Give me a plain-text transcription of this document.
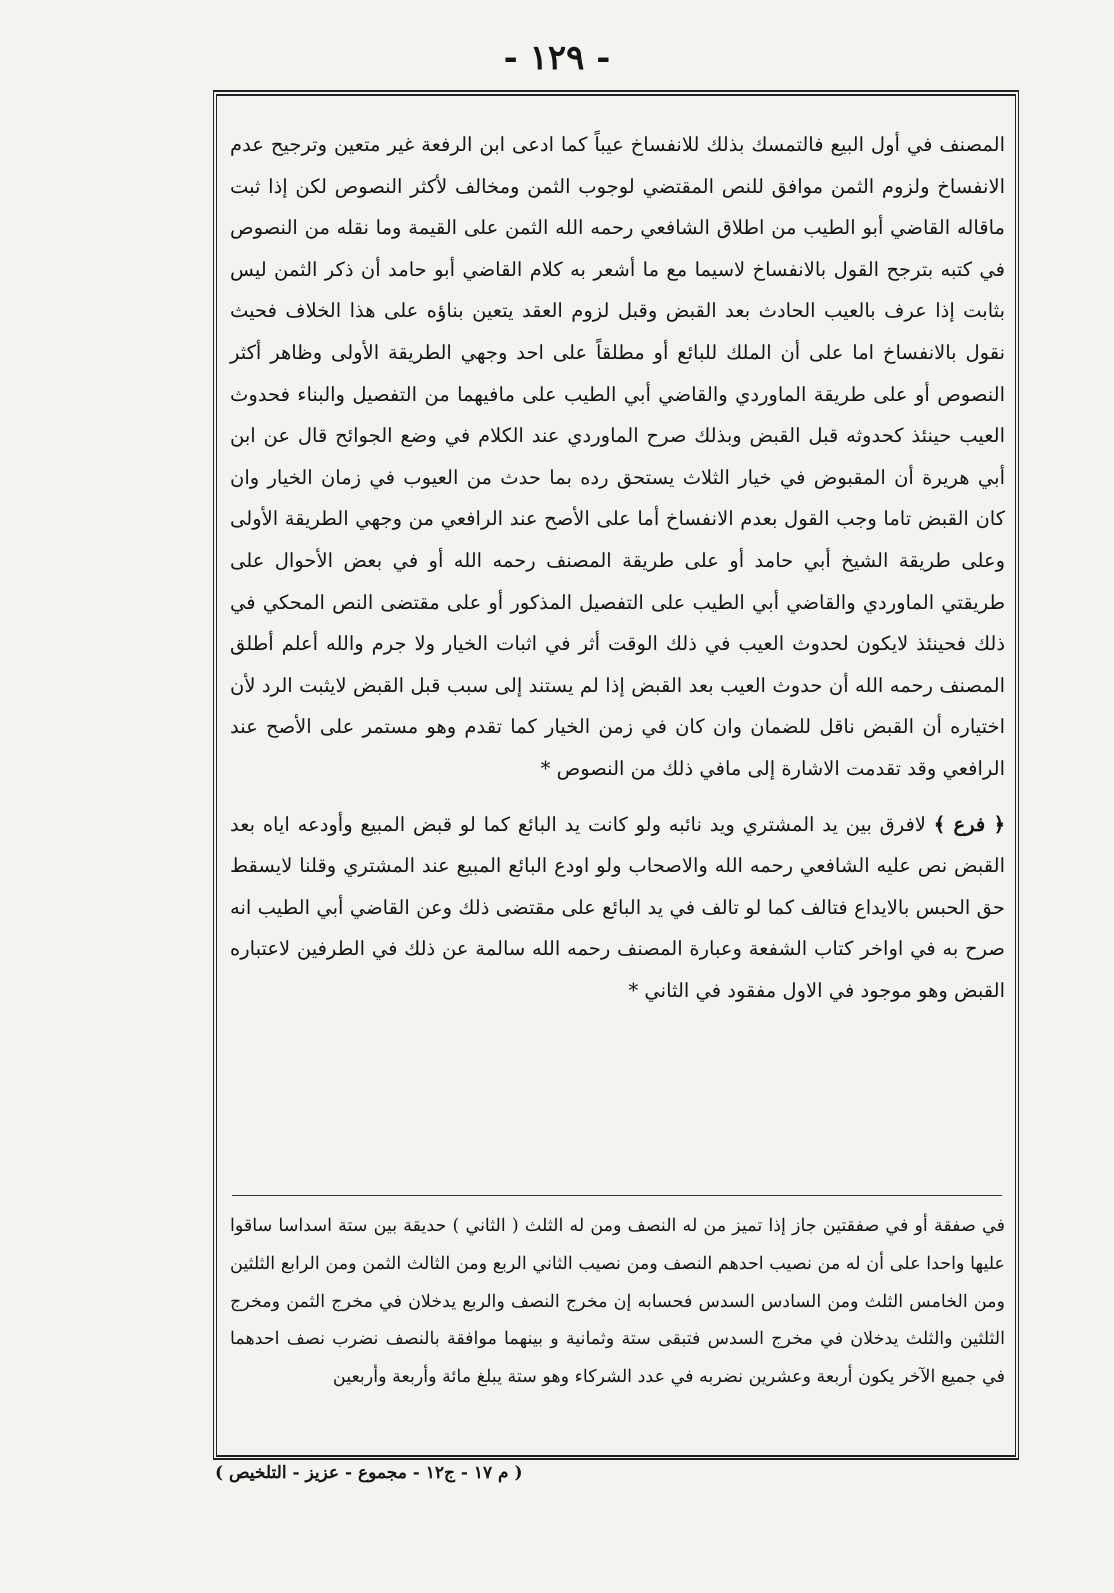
- ١٢٩ -

المصنف في أول البيع فالتمسك بذلك للانفساخ عيباً كما ادعى ابن الرفعة غير متعين وترجيح عدم الانفساخ ولزوم الثمن موافق للنص المقتضي لوجوب الثمن ومخالف لأكثر النصوص لكن إذا ثبت ماقاله القاضي أبو الطيب من اطلاق الشافعي رحمه الله الثمن على القيمة وما نقله من النصوص في كتبه بترجح القول بالانفساخ لاسيما مع ما أشعر به كلام القاضي أبو حامد أن ذكر الثمن ليس بثابت إذا عرف بالعيب الحادث بعد القبض وقبل لزوم العقد يتعين بناؤه على هذا الخلاف فحيث نقول بالانفساخ اما على أن الملك للبائع أو مطلقاً على احد وجهي الطريقة الأولى وظاهر أكثر النصوص أو على طريقة الماوردي والقاضي أبي الطيب على مافيهما من التفصيل والبناء فحدوث العيب حينئذ كحدوثه قبل القبض وبذلك صرح الماوردي عند الكلام في وضع الجوائح قال عن ابن أبي هريرة أن المقبوض في خيار الثلاث يستحق رده بما حدث من العيوب في زمان الخيار وان كان القبض تاما وجب القول بعدم الانفساخ أما على الأصح عند الرافعي من وجهي الطريقة الأولى وعلى طريقة الشيخ أبي حامد أو على طريقة المصنف رحمه الله أو في بعض الأحوال على طريقتي الماوردي والقاضي أبي الطيب على التفصيل المذكور أو على مقتضى النص المحكي في ذلك فحينئذ لايكون لحدوث العيب في ذلك الوقت أثر في اثبات الخيار ولا جرم والله أعلم أطلق المصنف رحمه الله أن حدوث العيب بعد القبض إذا لم يستند إلى سبب قبل القبض لايثبت الرد لأن اختياره أن القبض ناقل للضمان وان كان في زمن الخيار كما تقدم وهو مستمر على الأصح عند الرافعي وقد تقدمت الاشارة إلى مافي ذلك من النصوص *

﴿ فرع ﴾ لافرق بين يد المشتري ويد نائبه ولو كانت يد البائع كما لو قبض المبيع وأودعه اياه بعد القبض نص عليه الشافعي رحمه الله والاصحاب ولو اودع البائع المبيع عند المشتري وقلنا لايسقط حق الحبس بالايداع فتالف كما لو تالف في يد البائع على مقتضى ذلك وعن القاضي أبي الطيب انه صرح به في اواخر كتاب الشفعة وعبارة المصنف رحمه الله سالمة عن ذلك في الطرفين لاعتباره القبض وهو موجود في الاول مفقود في الثاني *

في صفقة أو في صفقتين جاز إذا تميز من له النصف ومن له الثلث ( الثاني ) حديقة بين ستة اسداسا ساقوا عليها واحدا على أن له من نصيب احدهم النصف ومن نصيب الثاني الربع ومن الثالث الثمن ومن الرابع الثلثين ومن الخامس الثلث ومن السادس السدس فحسابه إن مخرج النصف والربع يدخلان في مخرج الثمن ومخرج الثلثين والثلث يدخلان في مخرج السدس فتبقى ستة وثمانية و بينهما موافقة بالنصف نضرب نصف احدهما في جميع الآخر يكون أربعة وعشرين نضربه في عدد الشركاء وهو ستة يبلغ مائة وأربعة وأربعين

( م ١٧ - ج١٢ - مجموع - عزيز - التلخيص )
